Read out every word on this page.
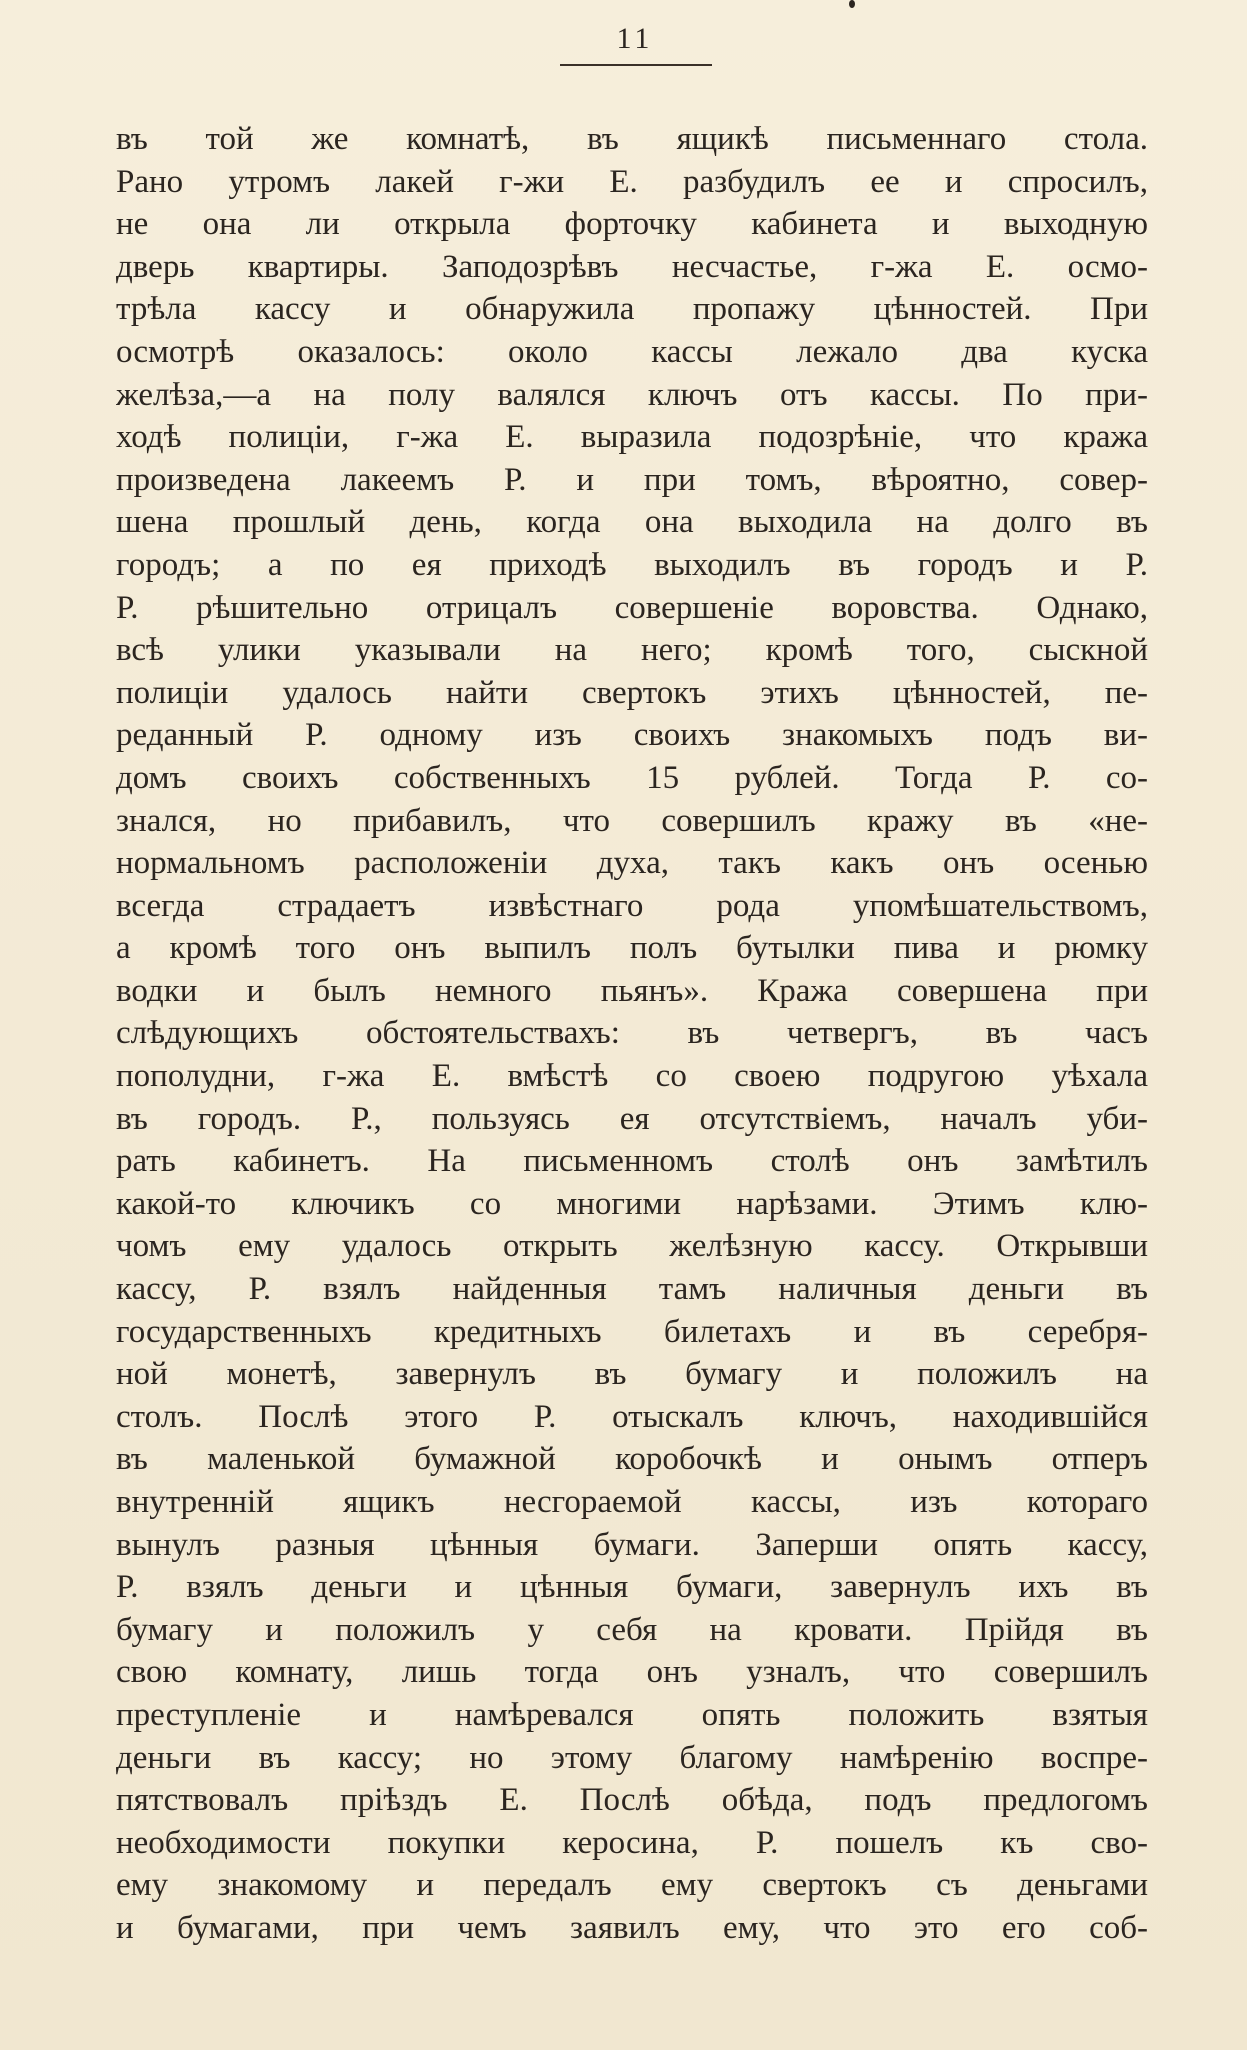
11
въ той же комнатѣ, въ ящикѣ письменнаго стола.
Рано утромъ лакей г-жи Е. разбудилъ ее и спросилъ,
не она ли открыла форточку кабинета и выходную
дверь квартиры. Заподозрѣвъ несчастье, г-жа Е. осмо-
трѣла кассу и обнаружила пропажу цѣнностей. При
осмотрѣ оказалось: около кассы лежало два куска
желѣза,—а на полу валялся ключъ отъ кассы. По при-
ходѣ полиціи, г-жа Е. выразила подозрѣніе, что кража
произведена лакеемъ Р. и при томъ, вѣроятно, совер-
шена прошлый день, когда она выходила на долго въ
городъ; а по ея приходѣ выходилъ въ городъ и Р.
Р. рѣшительно отрицалъ совершеніе воровства. Однако,
всѣ улики указывали на него; кромѣ того, сыскной
полиціи удалось найти свертокъ этихъ цѣнностей, пе-
реданный Р. одному изъ своихъ знакомыхъ подъ ви-
домъ своихъ собственныхъ 15 рублей. Тогда Р. со-
знался, но прибавилъ, что совершилъ кражу въ «не-
нормальномъ расположеніи духа, такъ какъ онъ осенью
всегда страдаетъ извѣстнаго рода упомѣшательствомъ,
а кромѣ того онъ выпилъ полъ бутылки пива и рюмку
водки и былъ немного пьянъ». Кража совершена при
слѣдующихъ обстоятельствахъ: въ четвергъ, въ часъ
пополудни, г-жа Е. вмѣстѣ со своею подругою уѣхала
въ городъ. Р., пользуясь ея отсутствіемъ, началъ уби-
рать кабинетъ. На письменномъ столѣ онъ замѣтилъ
какой-то ключикъ со многими нарѣзами. Этимъ клю-
чомъ ему удалось открыть желѣзную кассу. Открывши
кассу, Р. взялъ найденныя тамъ наличныя деньги въ
государственныхъ кредитныхъ билетахъ и въ серебря-
ной монетѣ, завернулъ въ бумагу и положилъ на
столъ. Послѣ этого Р. отыскалъ ключъ, находившійся
въ маленькой бумажной коробочкѣ и онымъ отперъ
внутренній ящикъ несгораемой кассы, изъ котораго
вынулъ разныя цѣнныя бумаги. Заперши опять кассу,
Р. взялъ деньги и цѣнныя бумаги, завернулъ ихъ въ
бумагу и положилъ у себя на кровати. Прійдя въ
свою комнату, лишь тогда онъ узналъ, что совершилъ
преступленіе и намѣревался опять положить взятыя
деньги въ кассу; но этому благому намѣренію воспре-
пятствовалъ пріѣздъ Е. Послѣ обѣда, подъ предлогомъ
необходимости покупки керосина, Р. пошелъ къ сво-
ему знакомому и передалъ ему свертокъ съ деньгами
и бумагами, при чемъ заявилъ ему, что это его соб-
